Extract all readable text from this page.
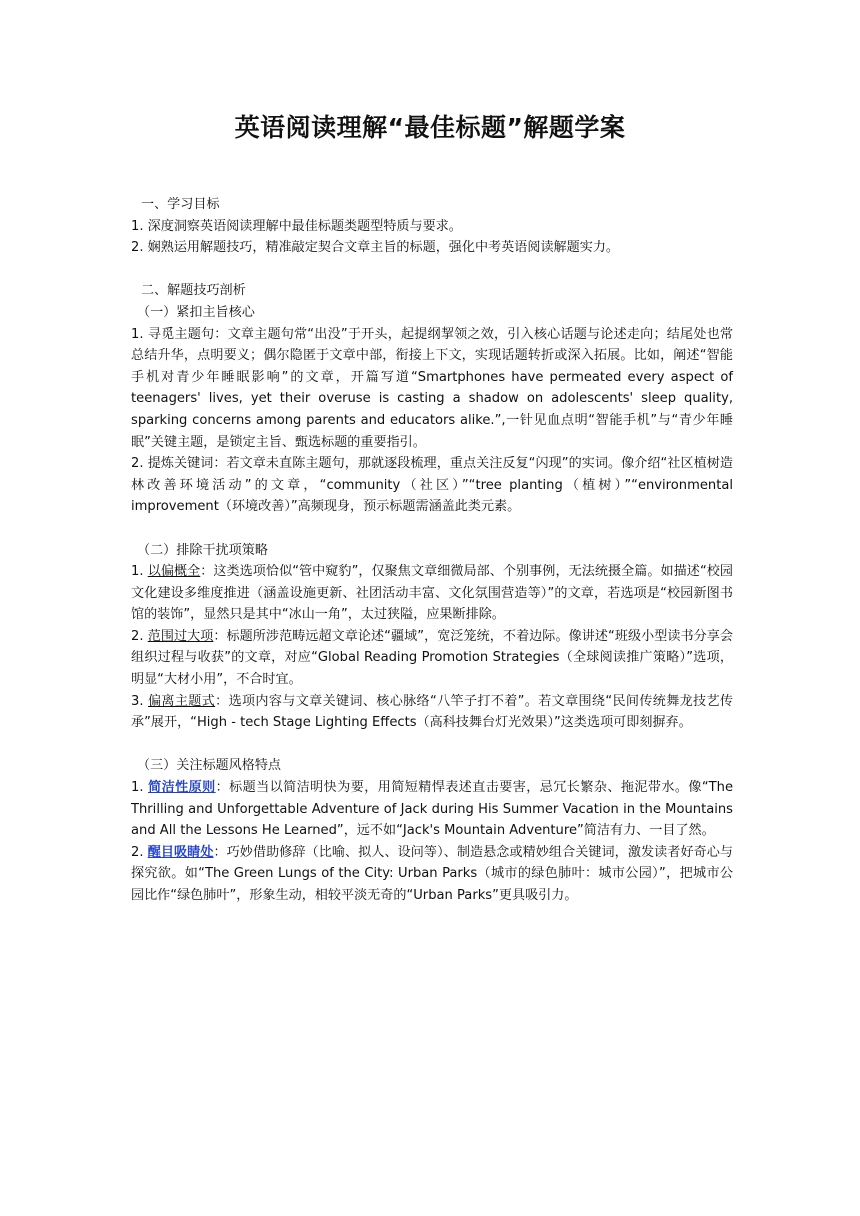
英语阅读理解“最佳标题”解题学案

一、学习目标

1. 深度洞察英语阅读理解中最佳标题类题型特质与要求。

2. 娴熟运用解题技巧，精准敲定契合文章主旨的标题，强化中考英语阅读解题实力。

二、解题技巧剖析

（一）紧扣主旨核心

1. 寻觅主题句：文章主题句常“出没”于开头，起提纲挈领之效，引入核心话题与论述走向；结尾处也常总结升华，点明要义；偶尔隐匿于文章中部，衔接上下文，实现话题转折或深入拓展。比如，阐述“智能手机对青少年睡眠影响”的文章，开篇写道“Smartphones have permeated every aspect of teenagers' lives, yet their overuse is casting a shadow on adolescents' sleep quality, sparking concerns among parents and educators alike.”,一针见血点明“智能手机”与“青少年睡眠”关键主题，是锁定主旨、甄选标题的重要指引。

2. 提炼关键词：若文章未直陈主题句，那就逐段梳理，重点关注反复“闪现”的实词。像介绍“社区植树造林改善环境活动”的文章，“community（社区）”“tree planting（植树）”“environmental improvement（环境改善）”高频现身，预示标题需涵盖此类元素。

（二）排除干扰项策略

1. 以偏概全：这类选项恰似“管中窥豹”，仅聚焦文章细微局部、个别事例，无法统摄全篇。如描述“校园文化建设多维度推进（涵盖设施更新、社团活动丰富、文化氛围营造等）”的文章，若选项是“校园新图书馆的装饰”，显然只是其中“冰山一角”，太过狭隘，应果断排除。

2. 范围过大项：标题所涉范畴远超文章论述“疆域”，宽泛笼统，不着边际。像讲述“班级小型读书分享会组织过程与收获”的文章，对应“Global Reading Promotion Strategies（全球阅读推广策略）”选项，明显“大材小用”，不合时宜。

3. 偏离主题式：选项内容与文章关键词、核心脉络“八竿子打不着”。若文章围绕“民间传统舞龙技艺传承”展开，“High - tech Stage Lighting Effects（高科技舞台灯光效果）”这类选项可即刻摒弃。

（三）关注标题风格特点

1. 简洁性原则：标题当以简洁明快为要，用简短精悍表述直击要害，忌冗长繁杂、拖泥带水。像“The Thrilling and Unforgettable Adventure of Jack during His Summer Vacation in the Mountains and All the Lessons He Learned”，远不如“Jack's Mountain Adventure”简洁有力、一目了然。

2. 醒目吸睛处：巧妙借助修辞（比喻、拟人、设问等）、制造悬念或精妙组合关键词，激发读者好奇心与探究欲。如“The Green Lungs of the City: Urban Parks（城市的绿色肺叶：城市公园）”，把城市公园比作“绿色肺叶”，形象生动，相较平淡无奇的“Urban Parks”更具吸引力。
